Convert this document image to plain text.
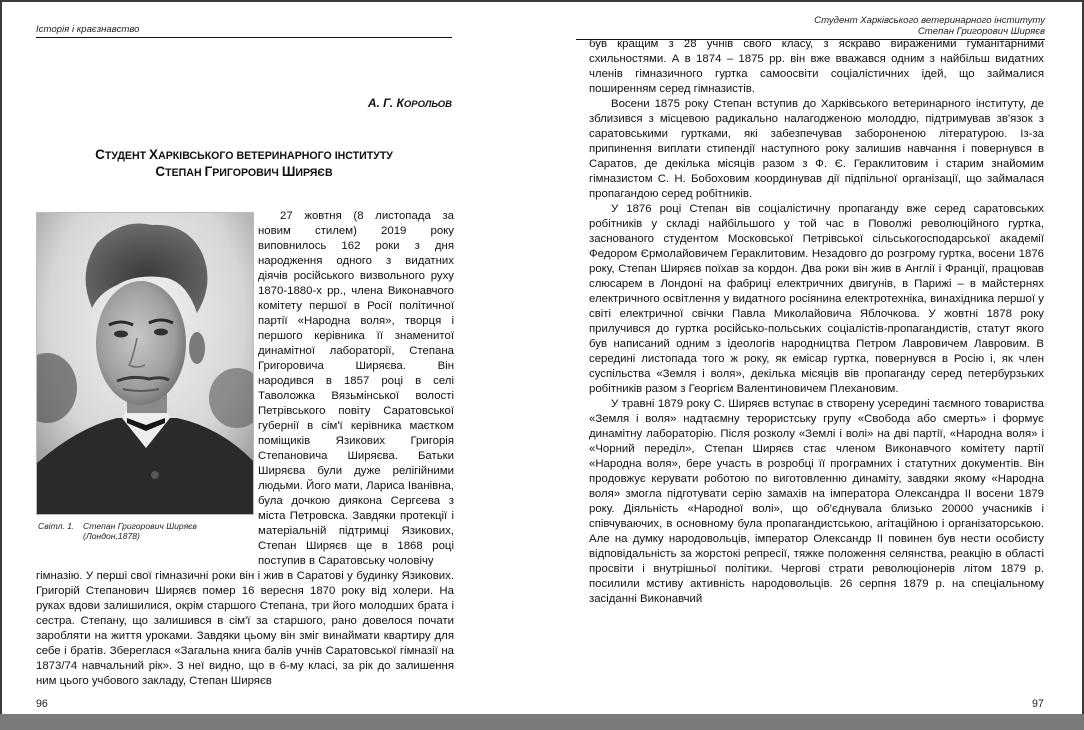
Історія і краєзнавство
А. Г. КОРОЛЬОВ
СТУДЕНТ ХАРКІВСЬКОГО ВЕТЕРИНАРНОГО ІНСТИТУТУ
СТЕПАН ГРИГОРОВИЧ ШИРЯЄВ
Світл. 1. Степан Григорович Ширяєв
(Лондон,1878)

27 жовтня (8 листопада за новим стилем) 2019 року виповнилось 162 роки з дня народження одного з видатних діячів російського визвольного руху 1870-1880-х рр., члена Виконавчого комітету першої в Росії політичної партії «Народна воля», творця і першого керівника її знаменитої динамітної лабораторії, Степана Григоровича Ширяєва. Він народився в 1857 році в селі Таволожка Вязьмінської волості Петрівського повіту Саратовської губернії в сім'ї керівника маєтком поміщиків Язикових Григорія Степановича Ширяєва. Батьки Ширяєва були дуже релігійними людьми. Його мати, Лариса Іванівна, була дочкою диякона Сергєева з міста Петровска. Завдяки протекції і матеріальній підтримці Язикових, Степан Ширяєв ще в 1868 році поступив в Саратовську чоловічу

гімназію. У перші свої гімназичні роки він і жив в Саратові у будинку Язикових. Григорій Степанович Ширяєв помер 16 вересня 1870 року від холери. На руках вдови залишилися, окрім старшого Степана, три його молодших брата і сестра. Степану, що залишився в сім'ї за старшого, рано довелося почати заробляти на життя уроками. Завдяки цьому він зміг винаймати квартиру для себе і братів. Збереглася «Загальна книга балів учнів Саратовської гімназії на 1873/74 навчальний рік». З неї видно, що в 6-му класі, за рік до залишення ним цього учбового закладу, Степан Ширяєв

96
Студент Харківського ветеринарного інституту
Степан Григорович Ширяєв

був кращим з 28 учнів свого класу, з яскраво вираженими гуманітарними схильностями. А в 1874 – 1875 рр. він вже вважався одним з найбільш видатних членів гімназичного гуртка самоосвіти соціалістичних ідей, що займалися поширенням серед гімназистів.

Восени 1875 року Степан вступив до Харківського ветеринарного інституту, де зблизився з місцевою радикально налагодженою молоддю, підтримував зв'язок з саратовськими гуртками, які забезпечував забороненою літературою. Із-за припинення виплати стипендії наступного року залишив навчання і повернувся в Саратов, де декілька місяців разом з Ф. Є. Гераклитовим і старим знайомим гімназистом С. Н. Бобоховим координував дії підпільної організації, що займалася пропагандою серед робітників.

У 1876 році Степан вів соціалістичну пропаганду вже серед саратовських робітників у складі найбільшого у той час в Поволжі революційного гуртка, заснованого студентом Московської Петрівської сільськогосподарської академії Федором Єрмолайовичем Гераклитовим. Незадовго до розгрому гуртка, восени 1876 року, Степан Ширяєв поїхав за кордон. Два роки він жив в Англії і Франції, працював слюсарем в Лондоні на фабриці електричних двигунів, в Парижі – в майстернях електричного освітлення у видатного росіянина електротехніка, винахідника першої у світі електричної свічки Павла Миколайовича Яблочкова. У жовтні 1878 року прилучився до гуртка російсько-польських соціалістів-пропагандистів, статут якого був написаний одним з ідеологів народництва Петром Лавровичем Лавровим. В середині листопада того ж року, як емісар гуртка, повернувся в Росію і, як член суспільства «Земля і воля», декілька місяців вів пропаганду серед петербурзьких робітників разом з Георгієм Валентиновичем Плехановим.

У травні 1879 року С. Ширяєв вступає в створену усередині таємного товариства «Земля і воля» надтаємну терористську групу «Свобода або смерть» і формує динамітну лабораторію. Після розколу «Землі і волі» на дві партії, «Народна воля» і «Чорний переділ», Степан Ширяєв стає членом Виконавчого комітету партії «Народна воля», бере участь в розробці її програмних і статутних документів. Він продовжує керувати роботою по виготовленню динаміту, завдяки якому «Народна воля» змогла підготувати серію замахів на імператора Олександра ІІ восени 1879 року. Діяльність «Народної волі», що об'єднувала близько 20000 учасників і співчуваючих, в основному була пропагандистською, агітаційною і організаторською. Але на думку народовольців, імператор Олександр ІІ повинен був нести особисту відповідальність за жорстокі репресії, тяжке положення селянства, реакцію в області просвіти і внутрішньої політики. Чергові страти революціонерів літом 1879 р. посилили мстиву активність народовольців. 26 серпня 1879 р. на спеціальному засіданні Виконавчий

97
